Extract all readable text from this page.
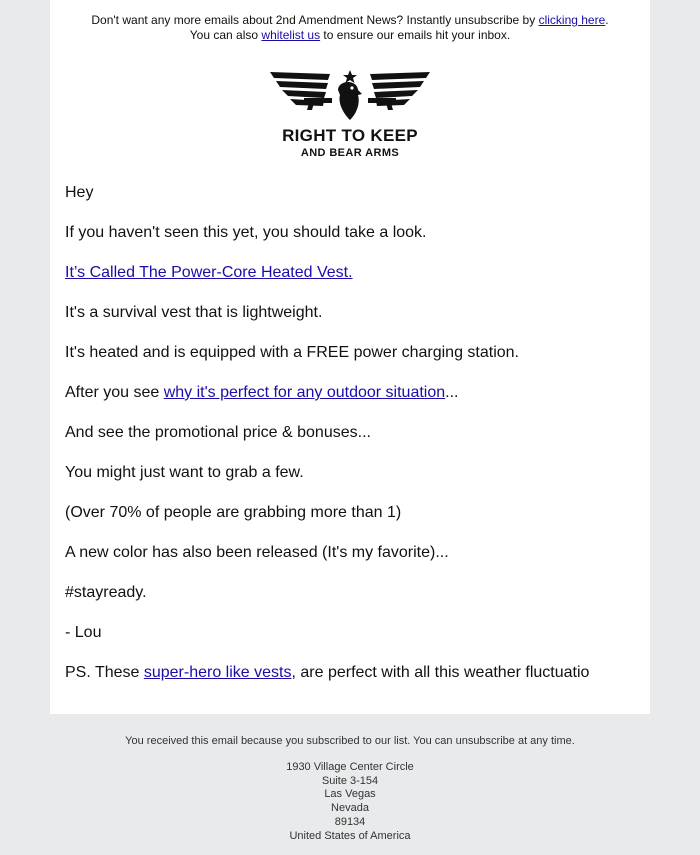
Don't want any more emails about 2nd Amendment News? Instantly unsubscribe by clicking here.
You can also whitelist us to ensure our emails hit your inbox.
RIGHT TO KEEP
AND BEAR ARMS

Hey

If you haven't seen this yet, you should take a look.

It’s Called The Power-Core Heated Vest.

It's a survival vest that is lightweight.

It's heated and is equipped with a FREE power charging station.

After you see why it's perfect for any outdoor situation...

And see the promotional price & bonuses...

You might just want to grab a few.

(Over 70% of people are grabbing more than 1)

A new color has also been released (It's my favorite)...

#stayready.

- Lou

PS. These super-hero like vests, are perfect with all this weather fluctuatio

You received this email because you subscribed to our list. You can unsubscribe at any time.
1930 Village Center Circle
Suite 3-154
Las Vegas
Nevada
89134
United States of America
